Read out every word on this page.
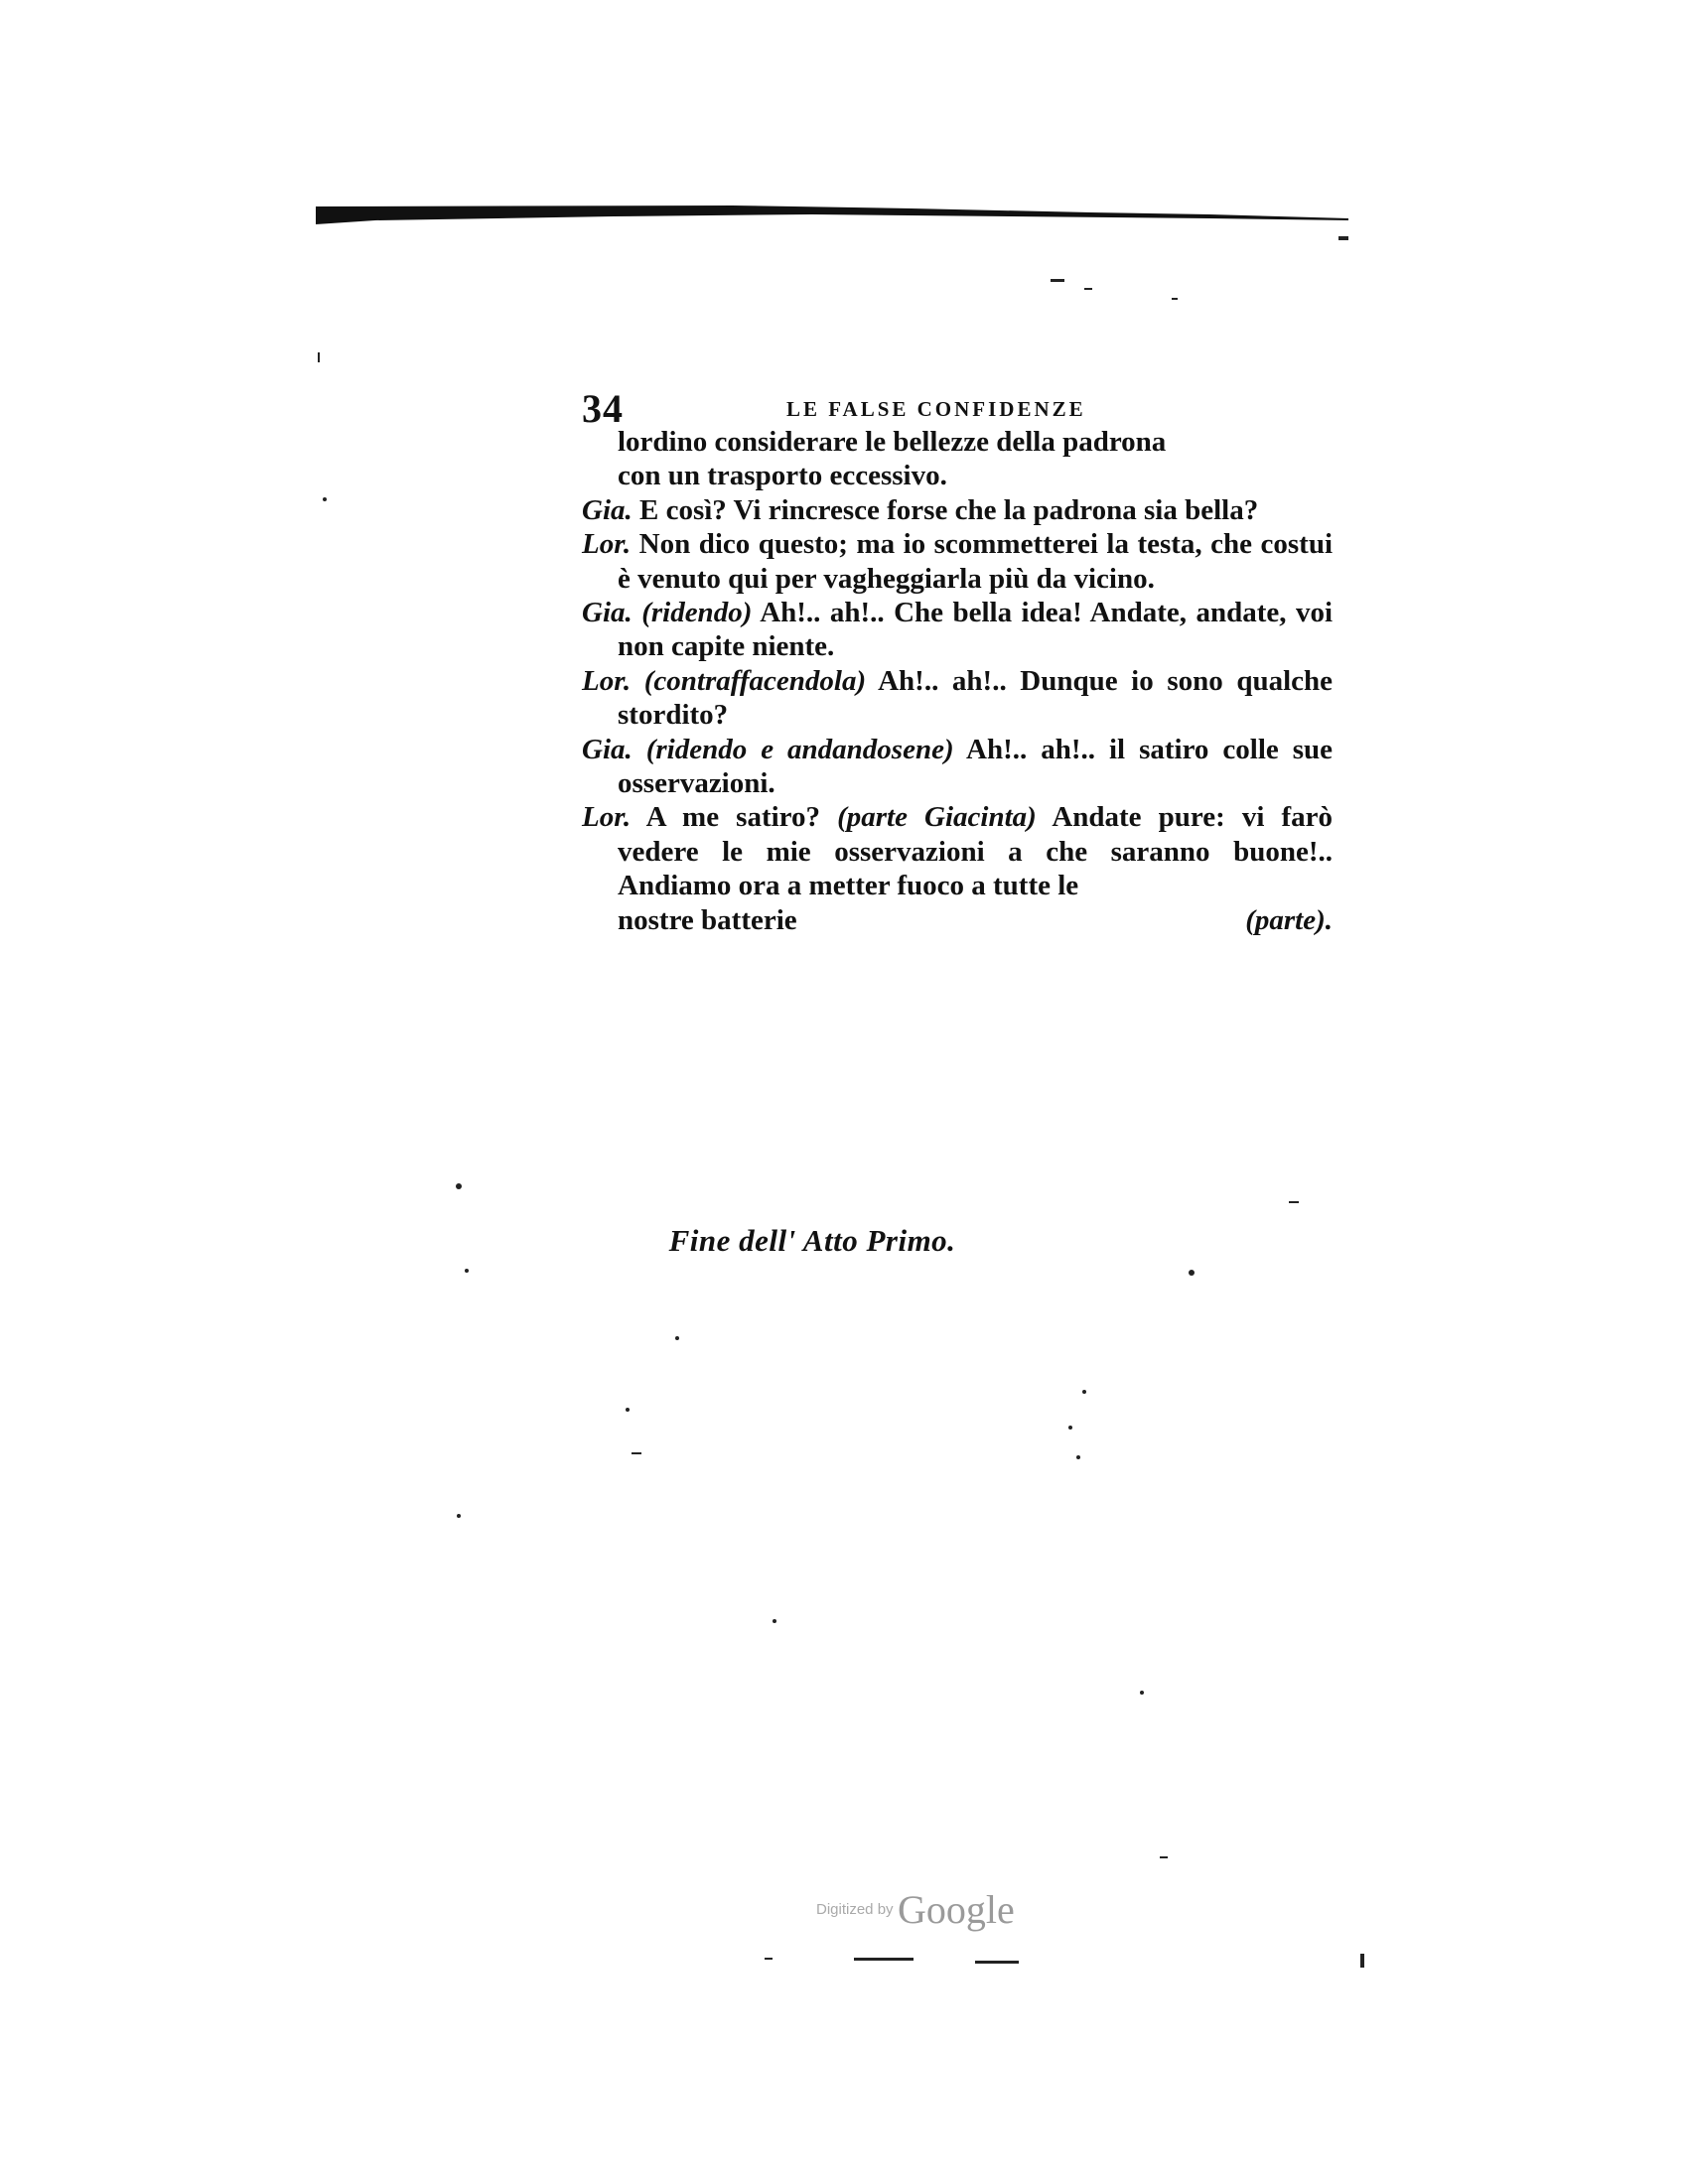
34	LE FALSE CONFIDENZE

lordino considerare le bellezze della padrona
con un trasporto eccessivo.

Gia. E così? Vi rincresce forse che la padrona sia bella?

Lor. Non dico questo; ma io scommetterei la testa, che costui è venuto qui per vagheggiarla più da vicino.

Gia. (ridendo) Ah!.. ah!.. Che bella idea! Andate, andate, voi non capite niente.

Lor. (contraffacendola) Ah!.. ah!.. Dunque io sono qualche stordito?

Gia. (ridendo e andandosene) Ah!.. ah!.. il satiro colle sue osservazioni.

Lor. A me satiro? (parte Giacinta) Andate pure: vi farò vedere le mie osservazioni a che saranno buone!.. Andiamo ora a metter fuoco a tutte le

nostre batterie	(parte).
Fine dell' Atto Primo.
Digitized by Google
